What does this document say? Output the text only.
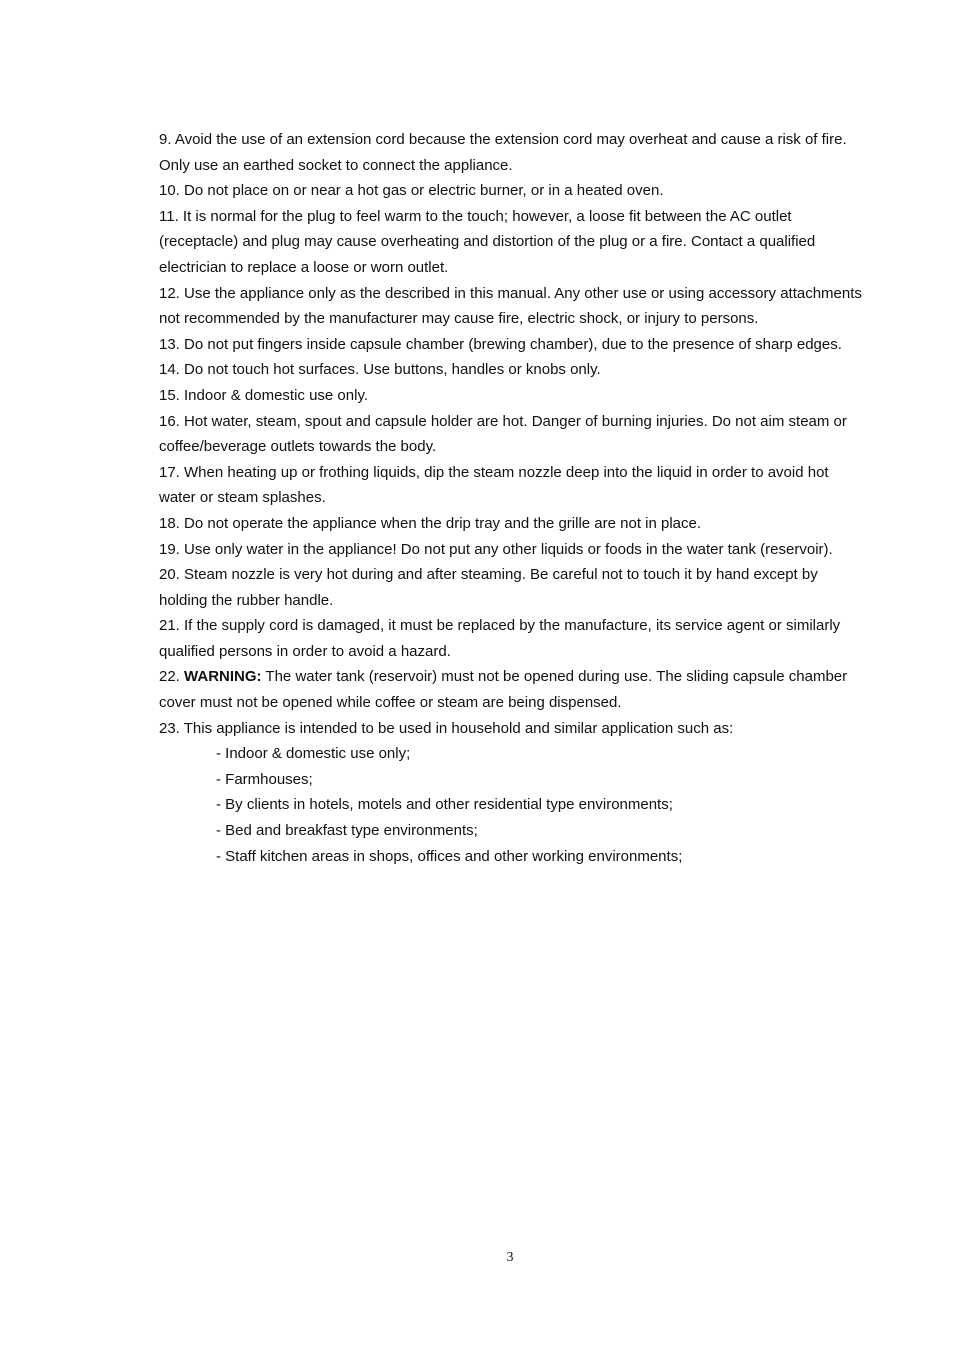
9. Avoid the use of an extension cord because the extension cord may overheat and cause a risk of fire. Only use an earthed socket to connect the appliance.

10. Do not place on or near a hot gas or electric burner, or in a heated oven.

11. It is normal for the plug to feel warm to the touch; however, a loose fit between the AC outlet (receptacle) and plug may cause overheating and distortion of the plug or a fire. Contact a qualified electrician to replace a loose or worn outlet.

12. Use the appliance only as the described in this manual. Any other use or using accessory attachments not recommended by the manufacturer may cause fire, electric shock, or injury to persons.

13. Do not put fingers inside capsule chamber (brewing chamber), due to the presence of sharp edges.

14. Do not touch hot surfaces. Use buttons, handles or knobs only.

15. Indoor & domestic use only.

16. Hot water, steam, spout and capsule holder are hot. Danger of burning injuries. Do not aim steam or coffee/beverage outlets towards the body.

17. When heating up or frothing liquids, dip the steam nozzle deep into the liquid in order to avoid hot water or steam splashes.

18. Do not operate the appliance when the drip tray and the grille are not in place.

19. Use only water in the appliance! Do not put any other liquids or foods in the water tank (reservoir).

20. Steam nozzle is very hot during and after steaming. Be careful not to touch it by hand except by holding the rubber handle.

21. If the supply cord is damaged, it must be replaced by the manufacture, its service agent or similarly qualified persons in order to avoid a hazard.

22. WARNING: The water tank (reservoir) must not be opened during use. The sliding capsule chamber cover must not be opened while coffee or steam are being dispensed.

23. This appliance is intended to be used in household and similar application such as:

- Indoor & domestic use only;

- Farmhouses;

- By clients in hotels, motels and other residential type environments;

- Bed and breakfast type environments;

- Staff kitchen areas in shops, offices and other working environments;

3
